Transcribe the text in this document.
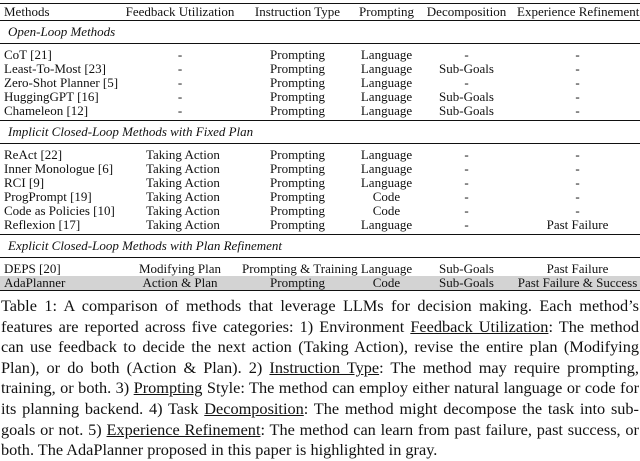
Methods	Feedback Utilization	Instruction Type	Prompting	Decomposition	Experience Refinement
Open-Loop Methods					

CoT [21]	-	Prompting	Language	-	-
Least-To-Most [23]	-	Prompting	Language	Sub-Goals	-
Zero-Shot Planner [5]	-	Prompting	Language	-	-
HuggingGPT [16]	-	Prompting	Language	Sub-Goals	-
Chameleon [12]	-	Prompting	Language	Sub-Goals	-
Implicit Closed-Loop Methods with Fixed Plan					

ReAct [22]	Taking Action	Prompting	Language	-	-
Inner Monologue [6]	Taking Action	Prompting	Language	-	-
RCI [9]	Taking Action	Prompting	Language	-	-
ProgPrompt [19]	Taking Action	Prompting	Code	-	-
Code as Policies [10]	Taking Action	Prompting	Code	-	-
Reflexion [17]	Taking Action	Prompting	Language	-	Past Failure
Explicit Closed-Loop Methods with Plan Refinement					

DEPS [20]	Modifying Plan	Prompting & Training	Language	Sub-Goals	Past Failure
AdaPlanner	Action & Plan	Prompting	Code	Sub-Goals	Past Failure & Success
Table 1: A comparison of methods that leverage LLMs for decision making. Each method’s features are reported across five categories: 1) Environment Feedback Utilization: The method can use feedback to decide the next action (Taking Action), revise the entire plan (Modifying Plan), or do both (Action & Plan). 2) Instruction Type: The method may require prompting, training, or both. 3) Prompting Style: The method can employ either natural language or code for its planning backend. 4) Task Decomposition: The method might decompose the task into sub-goals or not. 5) Experience Refinement: The method can learn from past failure, past success, or both. The AdaPlanner proposed in this paper is highlighted in gray.
